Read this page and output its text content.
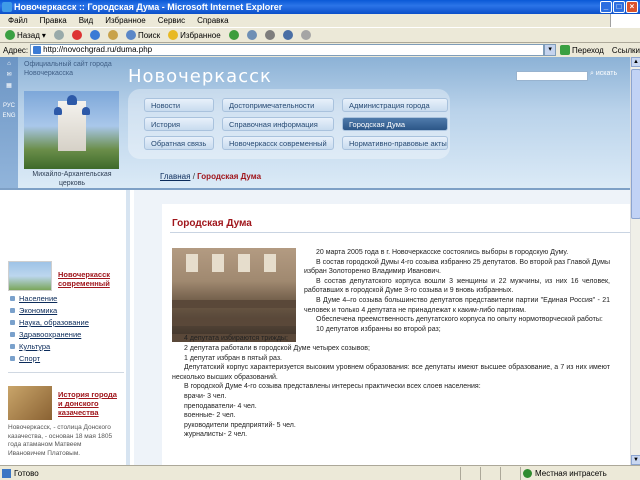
Новочеркасск :: Городская Дума - Microsoft Internet Explorer	_	□	×
Файл	Правка	Вид	Избранное	Сервис	Справка
Назад ▾	Поиск	Избранное
Адрес:	http://novochgrad.ru/duma.php	▾	Переход Ссылки
⌂
✉
▦
РУС
ENG
Официальный сайт города
Новочеркасска	Новочеркасск	⌕ искать
Михайло-Архангельская церковь
Новости	Достопримечательности	Администрация города
История	Справочная информация	Городская Дума
Обратная связь	Новочеркасск современный	Нормативно-правовые акты
Главная / Городская Дума
Новочеркасск
современный
Население
Экономика
Наука, образование
Здравоохранение
Культура
Спорт
История города
и донского
казачества
Новочеркасск, - столица Донского
казачества, - основан 18 мая 1805
года атаманом Матвеем
Ивановичем Платовым.
Городская Дума

20 марта 2005 года в г. Новочеркасске состоялись выборы в городскую Думу.

В состав городской Думы 4-го созыва избранно 25 депутатов. Во второй раз Главой Думы избран Золоторенко Владимир Иванович.

В состав депутатского корпуса вошли 3 женщины и 22 мужчины, из них 16 человек, работавших в городской Думе 3-го созыва и 9 вновь избранных.

В Думе 4–го созыва большинство депутатов представители партии "Единая Россия" - 21 человек и только 4 депутата не принадлежат к каким-либо партиям.

Обеспечена преемственность депутатского корпуса по опыту нормотворческой работы:

10 депутатов избранны во второй раз;

4 депутата избираются трижды;

2 депутата работали в городской Думе четырех созывов;

1 депутат избран в пятый раз.

Депутатский корпус характеризуется высоким уровнем образования: все депутаты имеют высшее образование, а 7 из них имеют несколько высших образований.

В городской Думе 4-го созыва представлены интересы практически всех слоев населения:

врачи- 3 чел.

преподаватели- 4 чел.

военные- 2 чел.

руководители предприятий- 5 чел.

журналисты- 2 чел.

▲
▼
Готово	Местная интрасеть
